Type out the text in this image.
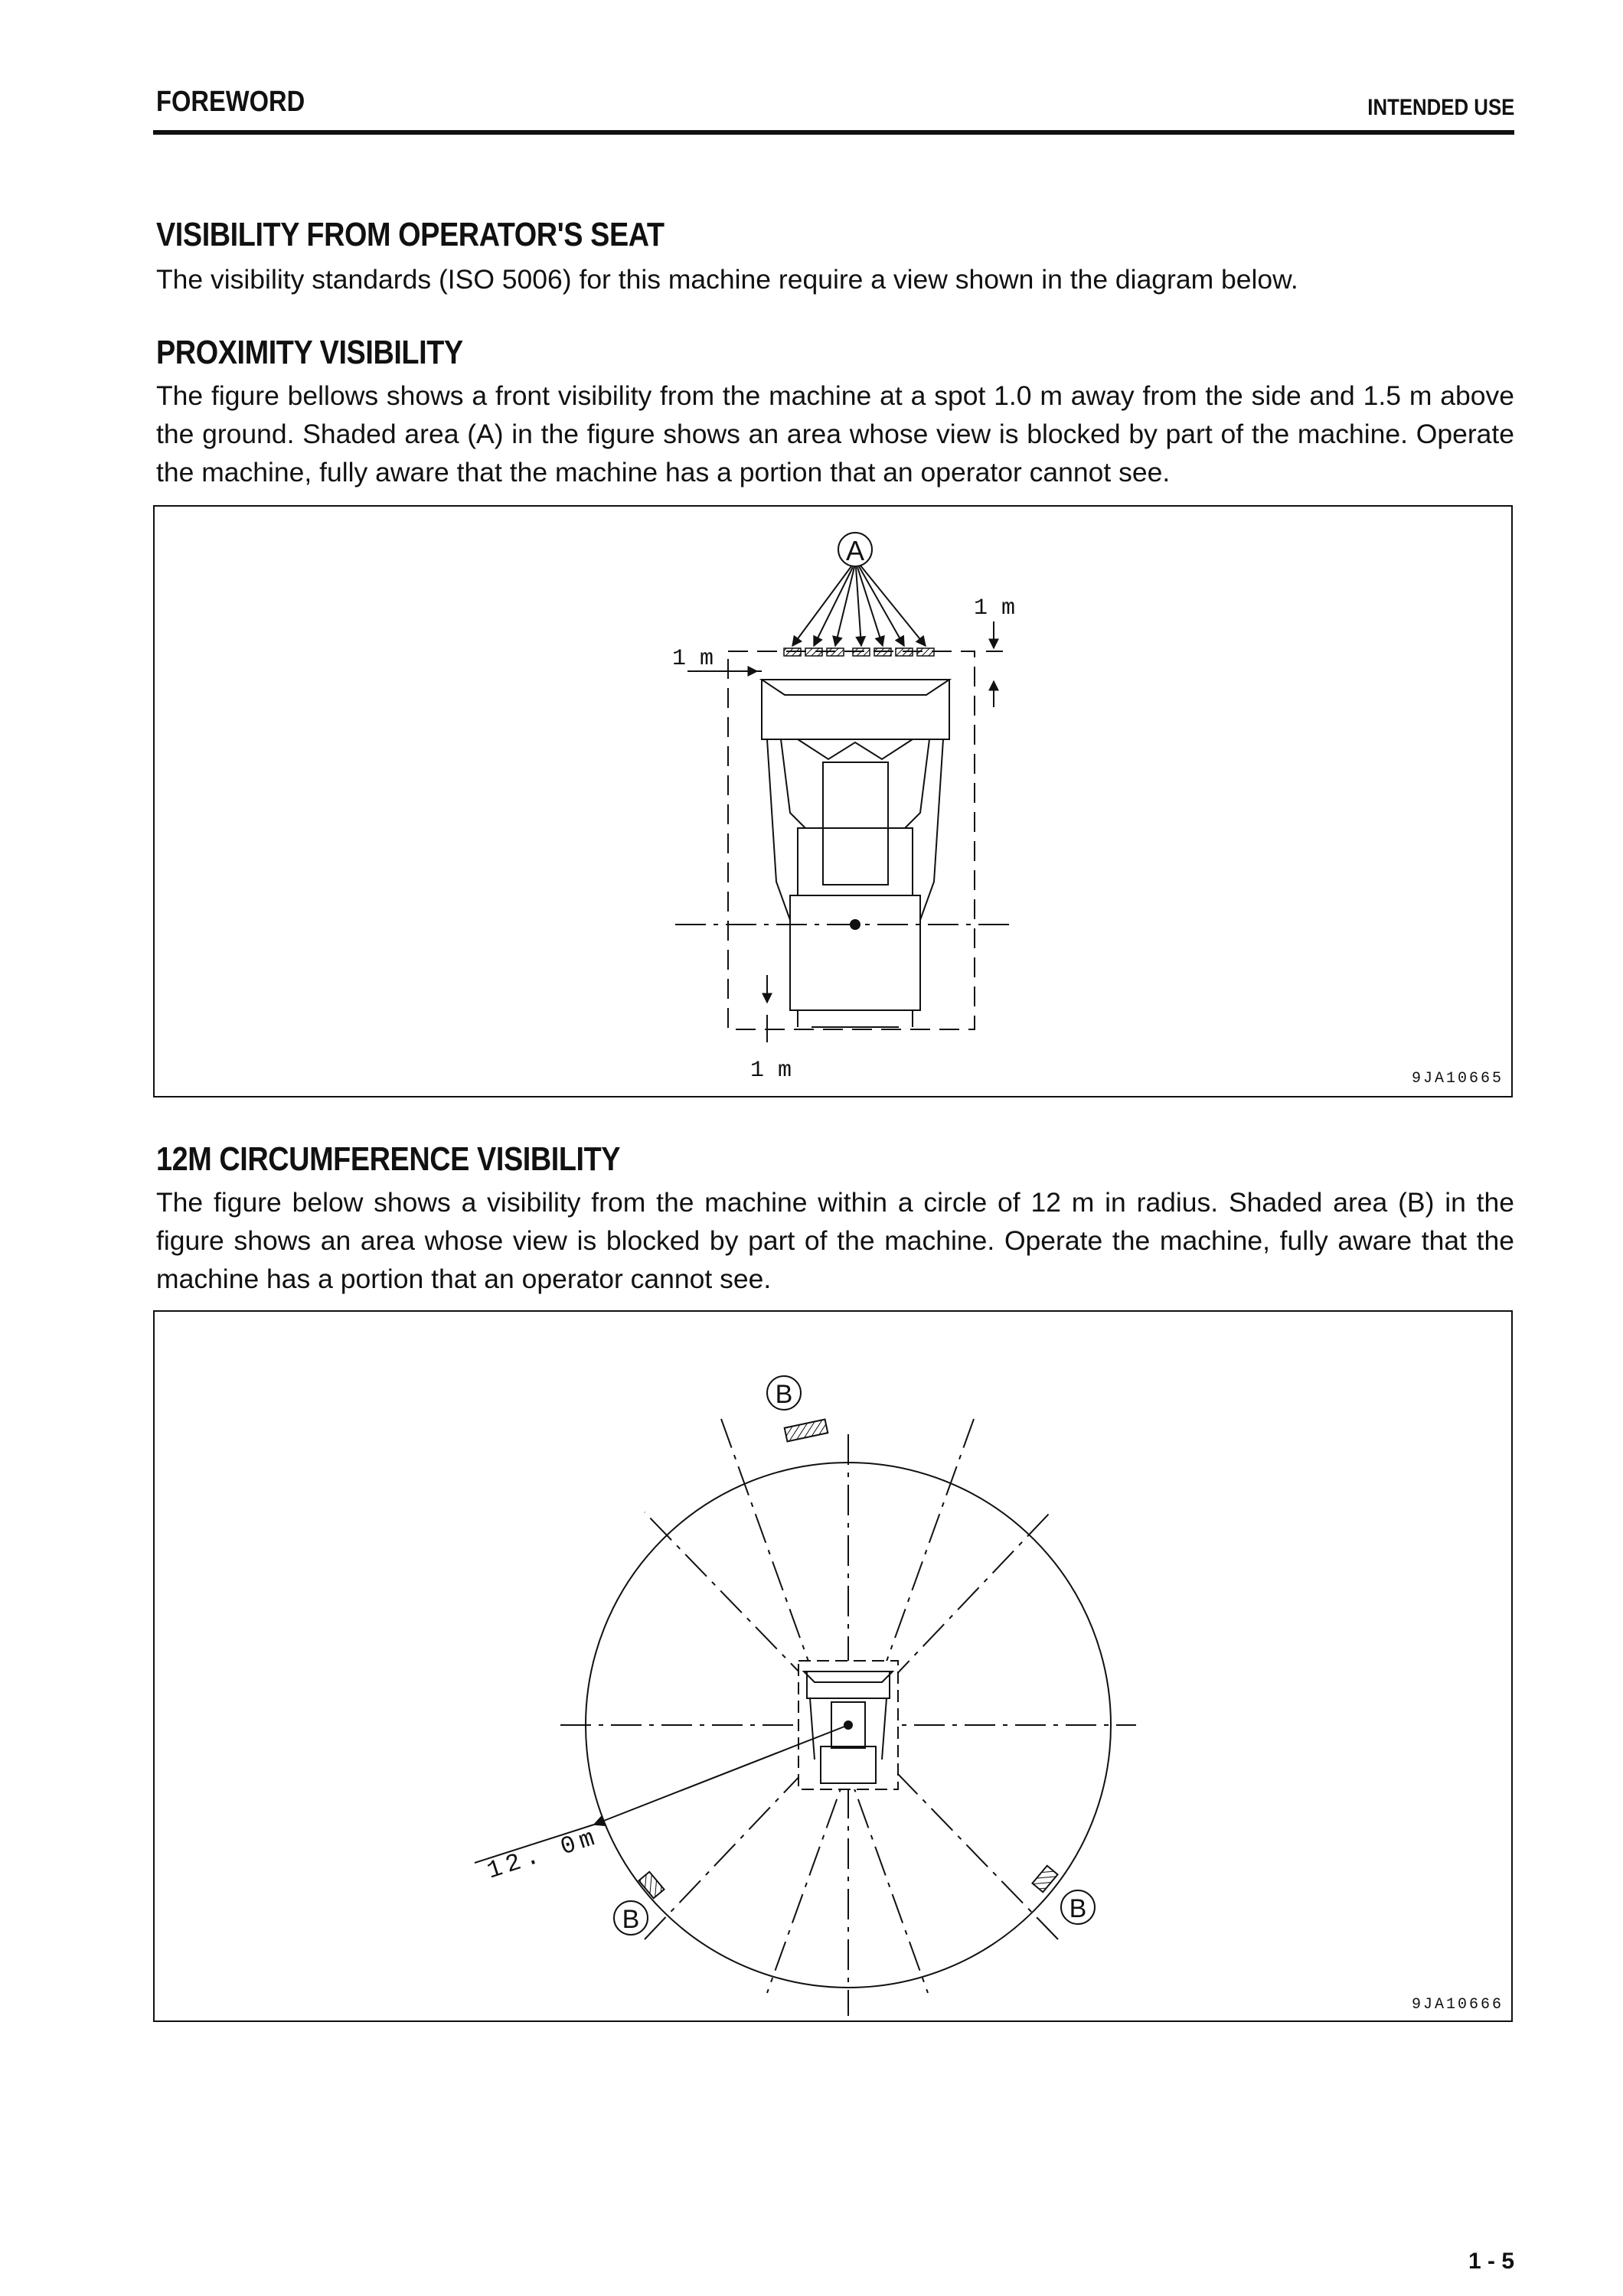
FOREWORD	INTENDED USE
VISIBILITY FROM OPERATOR'S SEAT
The visibility standards (ISO 5006) for this machine require a view shown in the diagram below.
PROXIMITY VISIBILITY
The figure bellows shows a front visibility from the machine at a spot 1.0 m away from the side and 1.5 m above the ground. Shaded area (A) in the figure shows an area whose view is blocked by part of the machine. Operate the machine, fully aware that the machine has a portion that an operator cannot see.
A
1 m
1 m
1 m	9JA10665
12M CIRCUMFERENCE VISIBILITY
The figure below shows a visibility from the machine within a circle of 12 m in radius. Shaded area (B) in the figure shows an area whose view is blocked by part of the machine. Operate the machine, fully aware that the machine has a portion that an operator cannot see.
12. 0m
B
B	B
9JA10666
1 - 5
